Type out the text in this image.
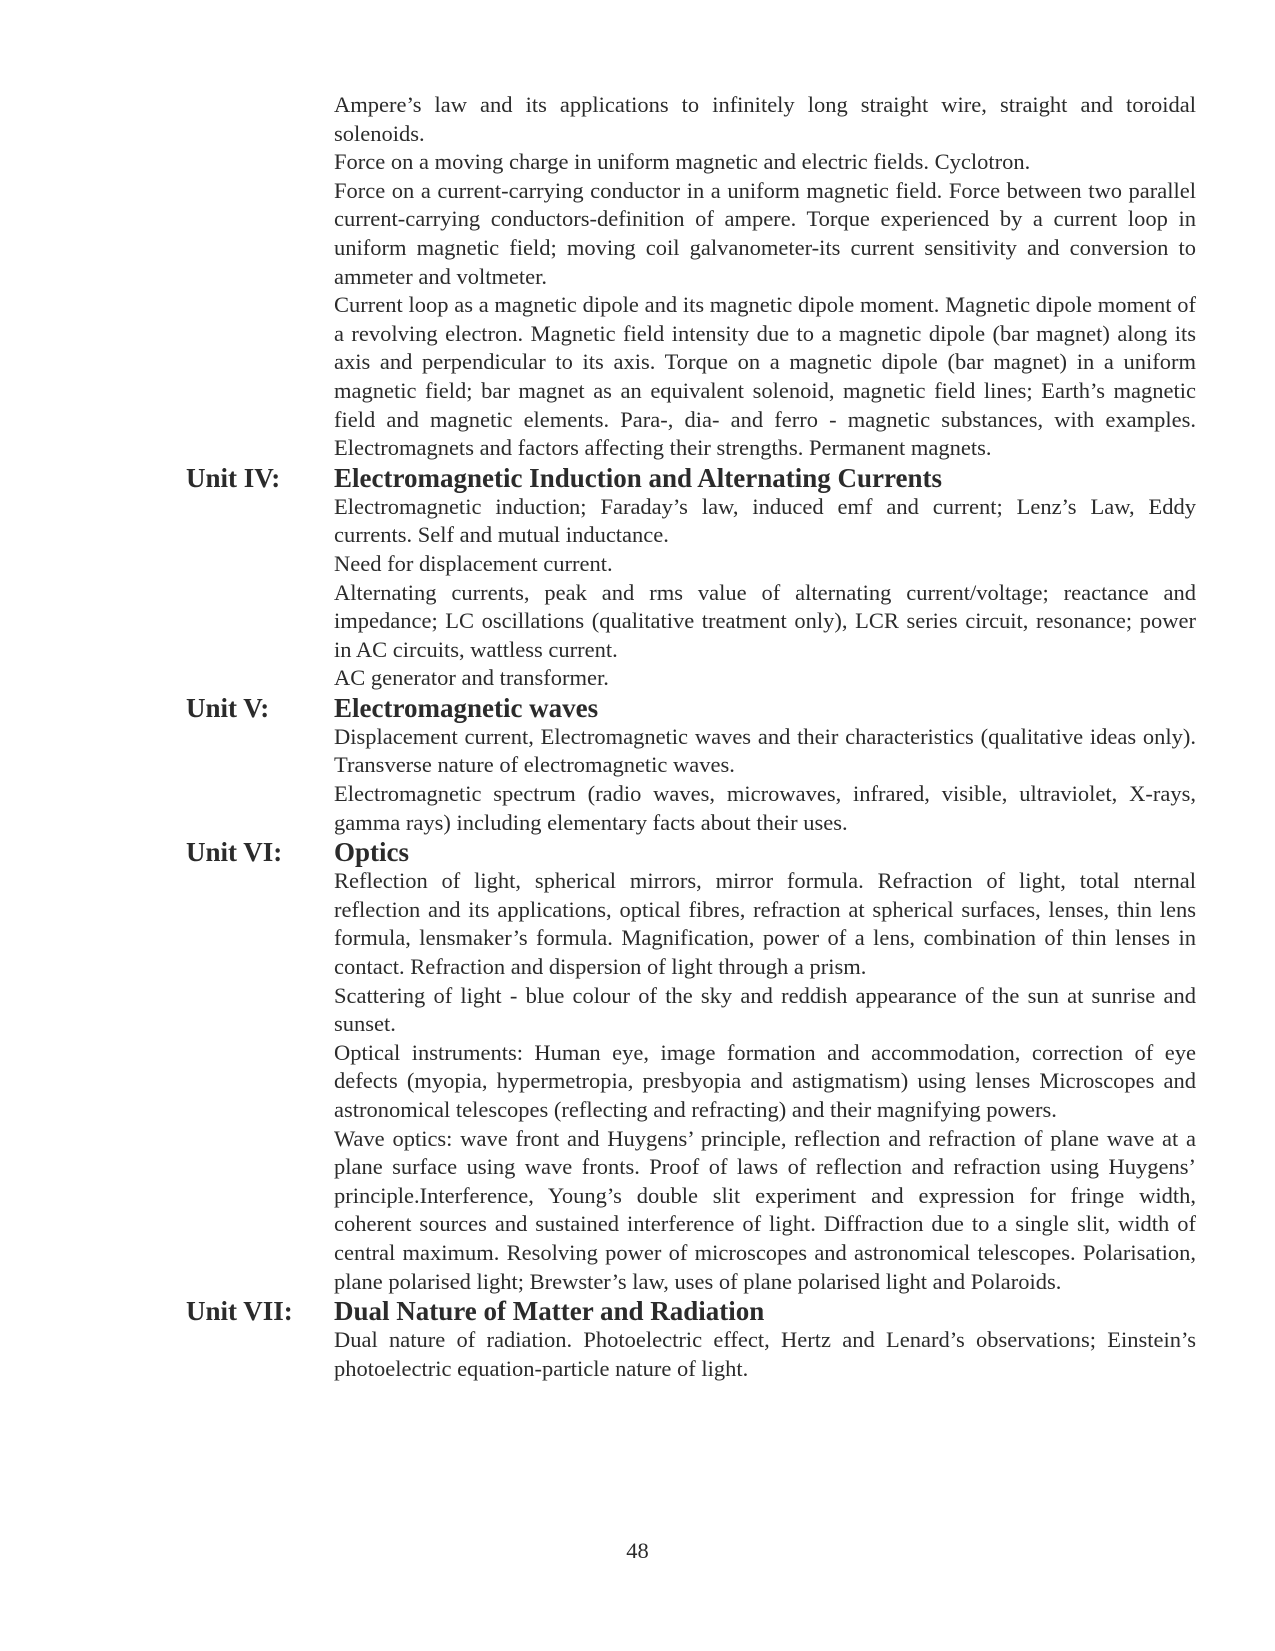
Ampere’s law and its applications to infinitely long straight wire, straight and toroidal solenoids.

Force on a moving charge in uniform magnetic and electric fields. Cyclotron.

Force on a current-carrying conductor in a uniform magnetic field. Force between two parallel current-carrying conductors-definition of ampere. Torque experienced by a current loop in uniform magnetic field; moving coil galvanometer-its current sensitivity and conversion to ammeter and voltmeter.

Current loop as a magnetic dipole and its magnetic dipole moment. Magnetic dipole moment of a revolving electron. Magnetic field intensity due to a magnetic dipole (bar magnet) along its axis and perpendicular to its axis. Torque on a magnetic dipole (bar magnet) in a uniform magnetic field; bar magnet as an equivalent solenoid, magnetic field lines; Earth’s magnetic field and magnetic elements. Para-, dia- and ferro - magnetic substances, with examples. Electromagnets and factors affecting their strengths. Permanent magnets.

Unit IV:	Electromagnetic Induction and Alternating Currents

Electromagnetic induction; Faraday’s law, induced emf and current; Lenz’s Law, Eddy currents. Self and mutual inductance.

Need for displacement current.

Alternating currents, peak and rms value of alternating current/voltage; reactance and impedance; LC oscillations (qualitative treatment only), LCR series circuit, resonance; power in AC circuits, wattless current.

AC generator and transformer.

Unit V:	Electromagnetic waves

Displacement current, Electromagnetic waves and their characteristics (qualitative ideas only). Transverse nature of electromagnetic waves.

Electromagnetic spectrum (radio waves, microwaves, infrared, visible, ultraviolet, X-rays, gamma rays) including elementary facts about their uses.

Unit VI:	Optics

Reflection of light, spherical mirrors, mirror formula. Refraction of light, total nternal reflection and its applications, optical fibres, refraction at spherical surfaces, lenses, thin lens formula, lensmaker’s formula. Magnification, power of a lens, combination of thin lenses in contact. Refraction and dispersion of light through a prism.

Scattering of light - blue colour of the sky and reddish appearance of the sun at sunrise and sunset.

Optical instruments: Human eye, image formation and accommodation, correction of eye defects (myopia, hypermetropia, presbyopia and astigmatism) using lenses Microscopes and astronomical telescopes (reflecting and refracting) and their magnifying powers.

Wave optics: wave front and Huygens’ principle, reflection and refraction of plane wave at a plane surface using wave fronts. Proof of laws of reflection and refraction using Huygens’ principle.Interference, Young’s double slit experiment and expression for fringe width, coherent sources and sustained interference of light. Diffraction due to a single slit, width of central maximum. Resolving power of microscopes and astronomical telescopes. Polarisation, plane polarised light; Brewster’s law, uses of plane polarised light and Polaroids.

Unit VII:	Dual Nature of Matter and Radiation

Dual nature of radiation. Photoelectric effect, Hertz and Lenard’s observations; Einstein’s photoelectric equation-particle nature of light.

48
